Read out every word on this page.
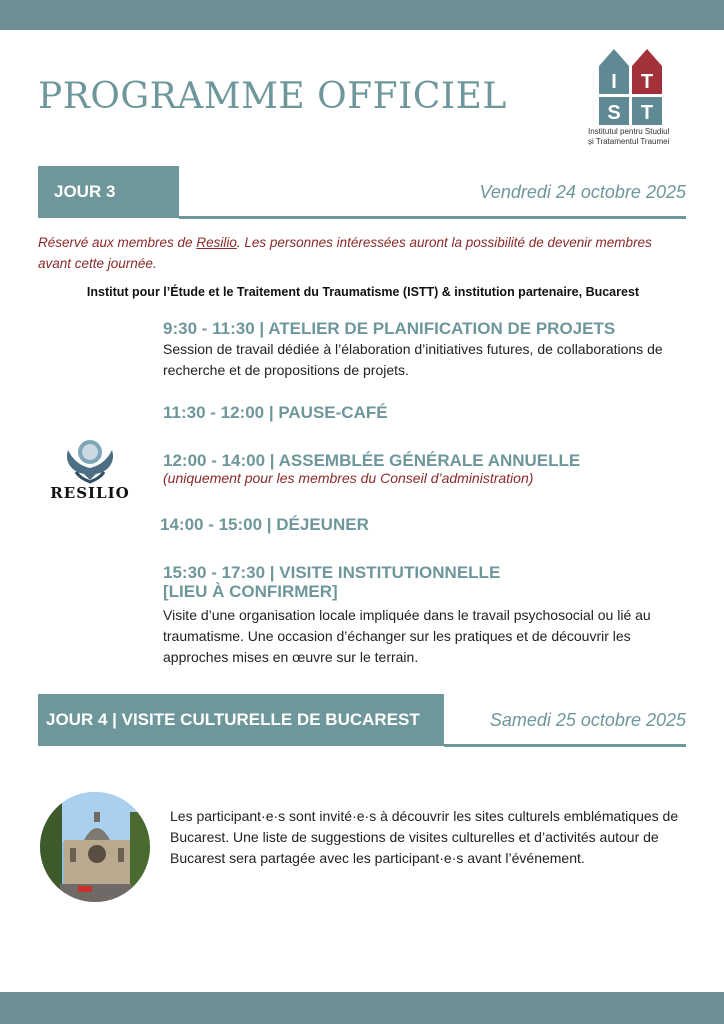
PROGRAMME OFFICIEL	I T
S T
Institutul pentru Studiul
și Tratamentul Traumei
JOUR 3	Vendredi 24 octobre 2025
Réservé aux membres de Resilio. Les personnes intéressées auront la possibilité de devenir membres avant cette journée.
Institut pour l’Étude et le Traitement du Traumatisme (ISTT) & institution partenaire, Bucarest
9:30 - 11:30 | ATELIER DE PLANIFICATION DE PROJETS
Session de travail dédiée à l’élaboration d’initiatives futures, de collaborations de recherche et de propositions de projets.
11:30 - 12:00 | PAUSE-CAFÉ
12:00 - 14:00 | ASSEMBLÉE GÉNÉRALE ANNUELLE
(uniquement pour les membres du Conseil d’administration)
14:00 - 15:00 | DÉJEUNER
15:30 - 17:30 | VISITE INSTITUTIONNELLE
[LIEU À CONFIRMER]
Visite d’une organisation locale impliquée dans le travail psychosocial ou lié au traumatisme. Une occasion d’échanger sur les pratiques et de découvrir les approches mises en œuvre sur le terrain.
RESILIO
JOUR 4 | VISITE CULTURELLE DE BUCAREST	Samedi 25 octobre 2025
Les participant·e·s sont invité·e·s à découvrir les sites culturels emblématiques de Bucarest. Une liste de suggestions de visites culturelles et d’activités autour de Bucarest sera partagée avec les participant·e·s avant l’événement.
